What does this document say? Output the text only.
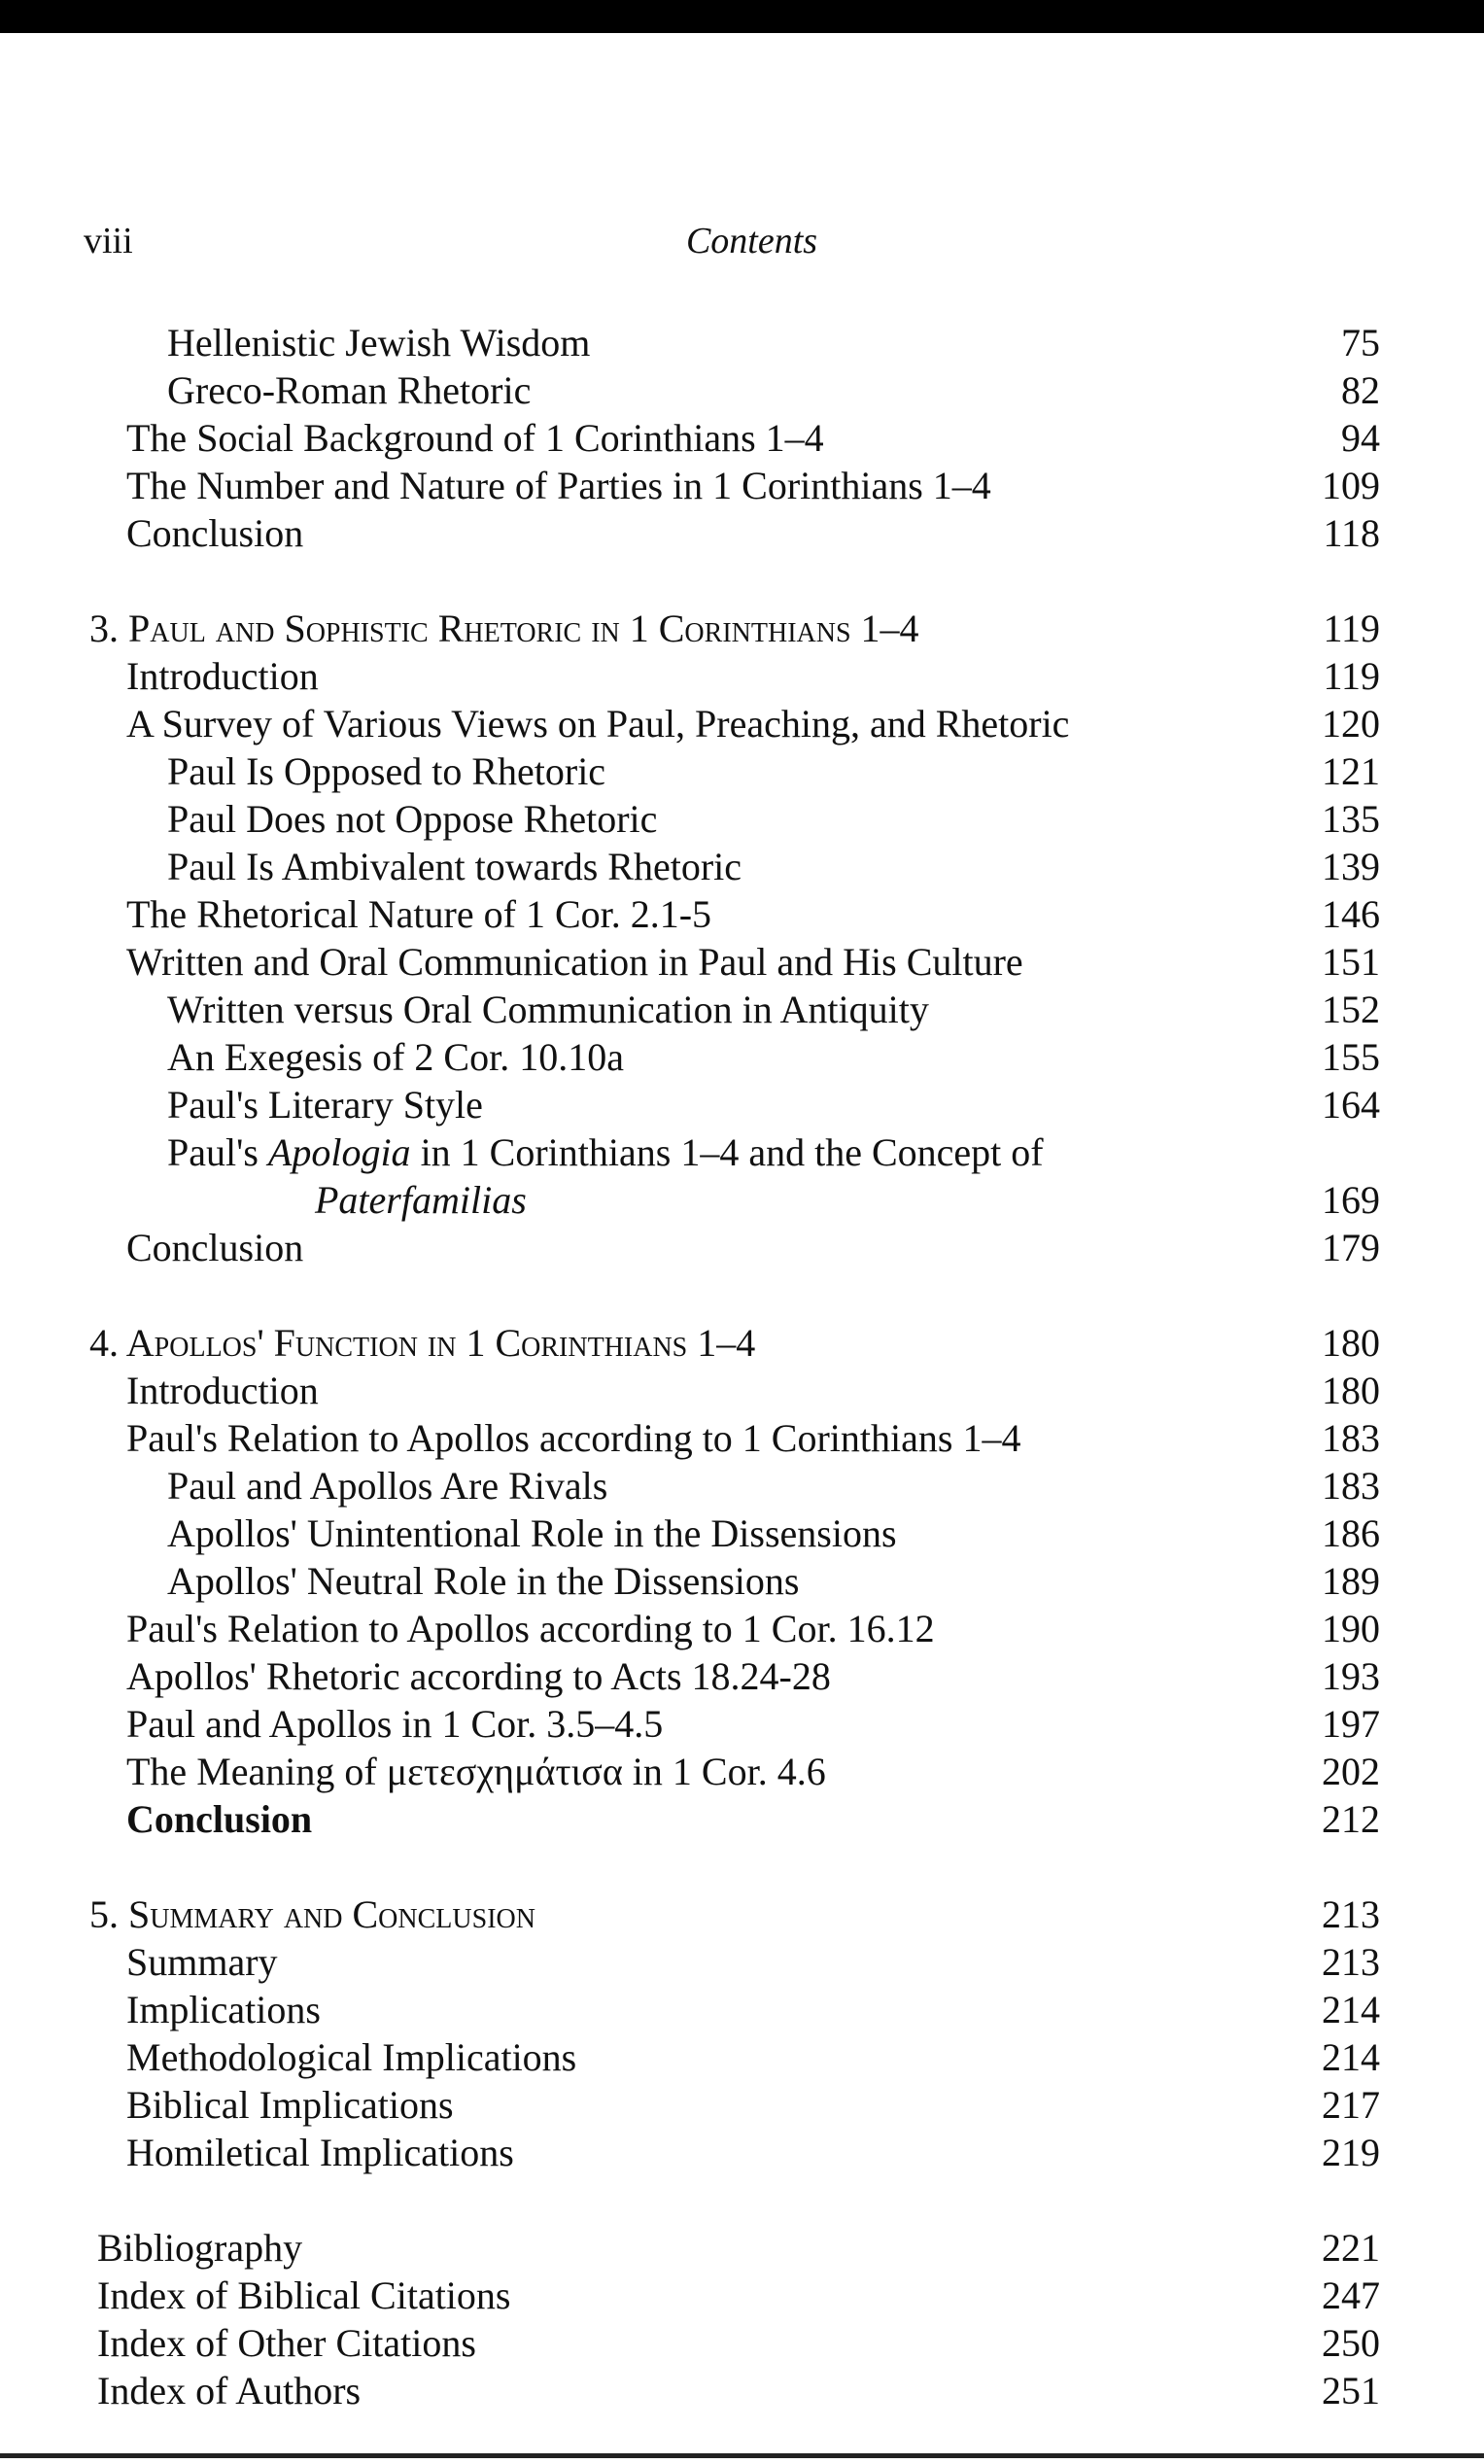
viii	Contents
Hellenistic Jewish Wisdom	75
Greco-Roman Rhetoric	82
The Social Background of 1 Corinthians 1–4	94
The Number and Nature of Parties in 1 Corinthians 1–4	109
Conclusion	118
3. Paul and Sophistic Rhetoric in 1 Corinthians 1–4	119
Introduction	119
A Survey of Various Views on Paul, Preaching, and Rhetoric	120
Paul Is Opposed to Rhetoric	121
Paul Does not Oppose Rhetoric	135
Paul Is Ambivalent towards Rhetoric	139
The Rhetorical Nature of 1 Cor. 2.1-5	146
Written and Oral Communication in Paul and His Culture	151
Written versus Oral Communication in Antiquity	152
An Exegesis of 2 Cor. 10.10a	155
Paul's Literary Style	164
Paul's Apologia in 1 Corinthians 1–4 and the Concept of
Paterfamilias	169
Conclusion	179
4. Apollos' Function in 1 Corinthians 1–4	180
Introduction	180
Paul's Relation to Apollos according to 1 Corinthians 1–4	183
Paul and Apollos Are Rivals	183
Apollos' Unintentional Role in the Dissensions	186
Apollos' Neutral Role in the Dissensions	189
Paul's Relation to Apollos according to 1 Cor. 16.12	190
Apollos' Rhetoric according to Acts 18.24-28	193
Paul and Apollos in 1 Cor. 3.5–4.5	197
The Meaning of μετεσχημάτισα in 1 Cor. 4.6	202
Conclusion	212
5. Summary and Conclusion	213
Summary	213
Implications	214
Methodological Implications	214
Biblical Implications	217
Homiletical Implications	219
Bibliography	221
Index of Biblical Citations	247
Index of Other Citations	250
Index of Authors	251
